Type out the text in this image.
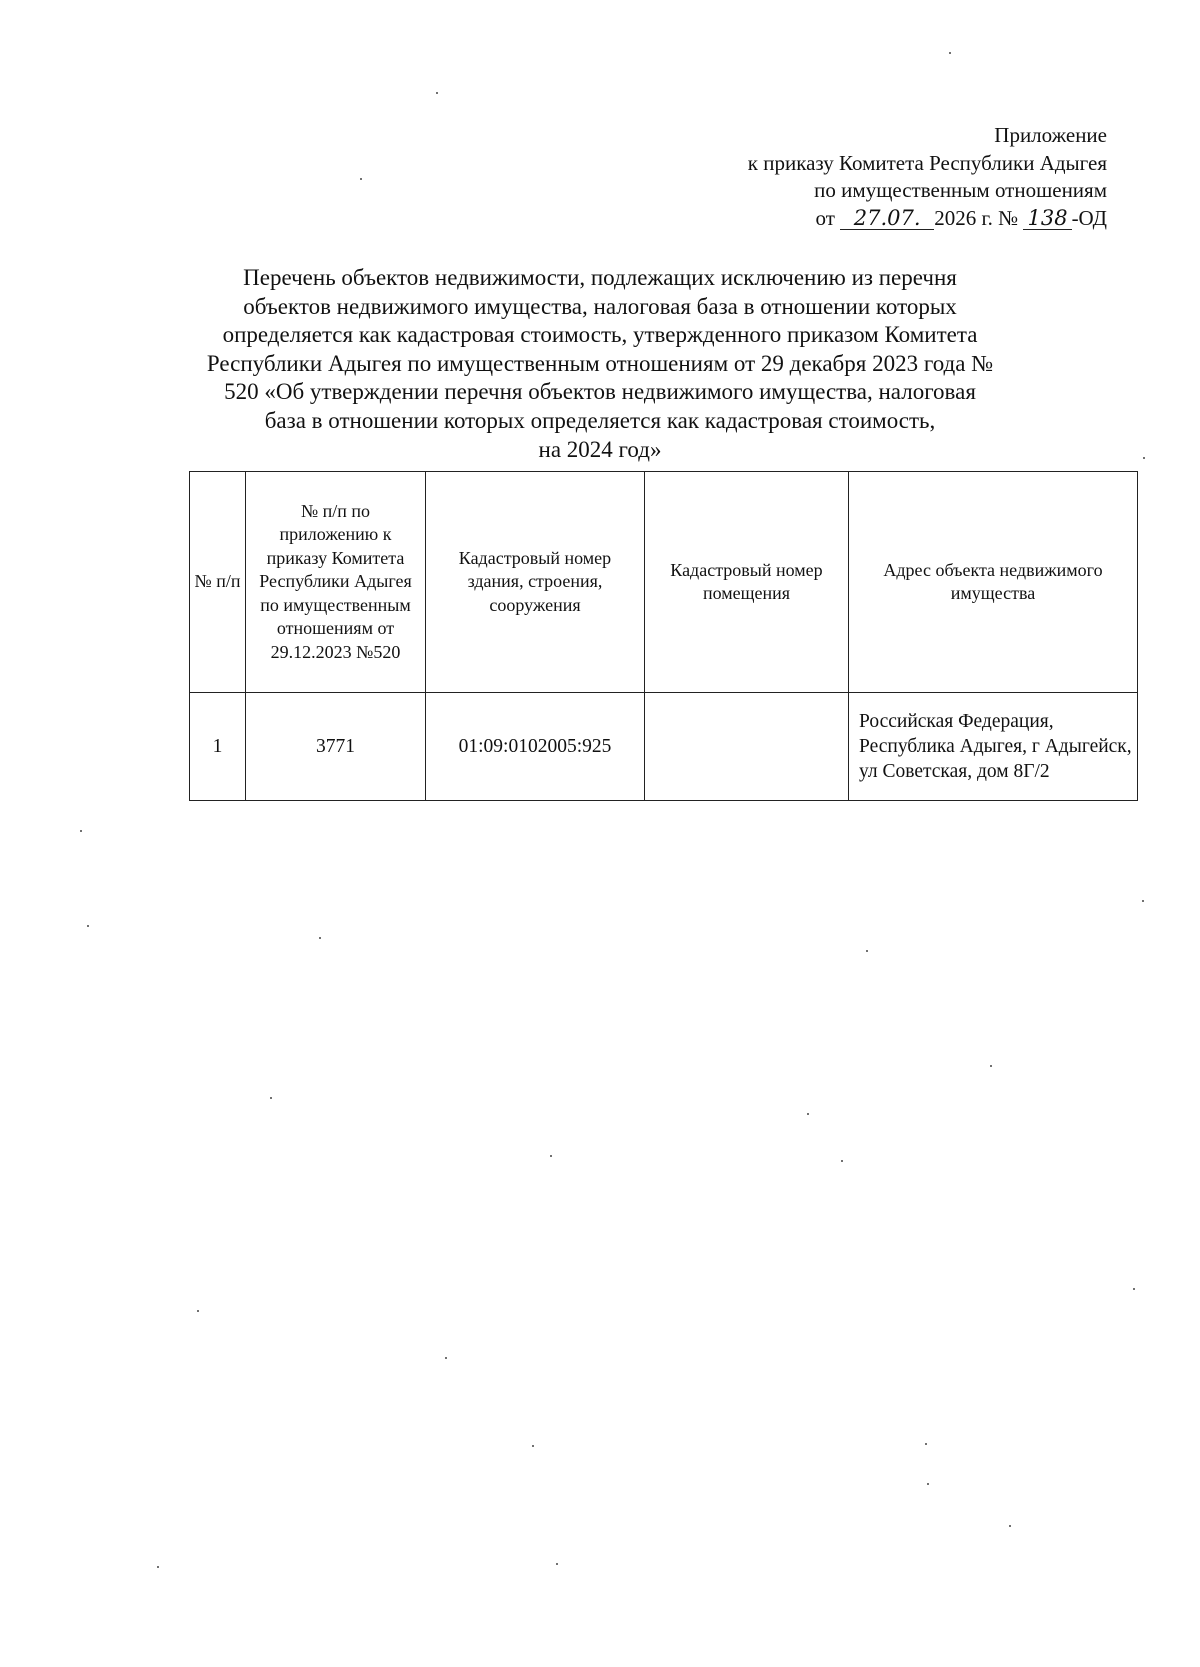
Приложение
к приказу Комитета Республики Адыгея
по имущественным отношениям
от 27.07. 2026 г. № 138 -ОД
Перечень объектов недвижимости, подлежащих исключению из перечня
объектов недвижимого имущества, налоговая база в отношении которых
определяется как кадастровая стоимость, утвержденного приказом Комитета
Республики Адыгея по имущественным отношениям от 29 декабря 2023 года №
520 «Об утверждении перечня объектов недвижимого имущества, налоговая
база в отношении которых определяется как кадастровая стоимость,
на 2024 год»
№ п/п	№ п/п по приложению к приказу Комитета Республики Адыгея по имущественным отношениям от 29.12.2023 №520	Кадастровый номер здания, строения, сооружения	Кадастровый номер помещения	Адрес объекта недвижимого имущества
1	3771	01:09:0102005:925		Российская Федерация, Республика Адыгея, г Адыгейск, ул Советская, дом 8Г/2
